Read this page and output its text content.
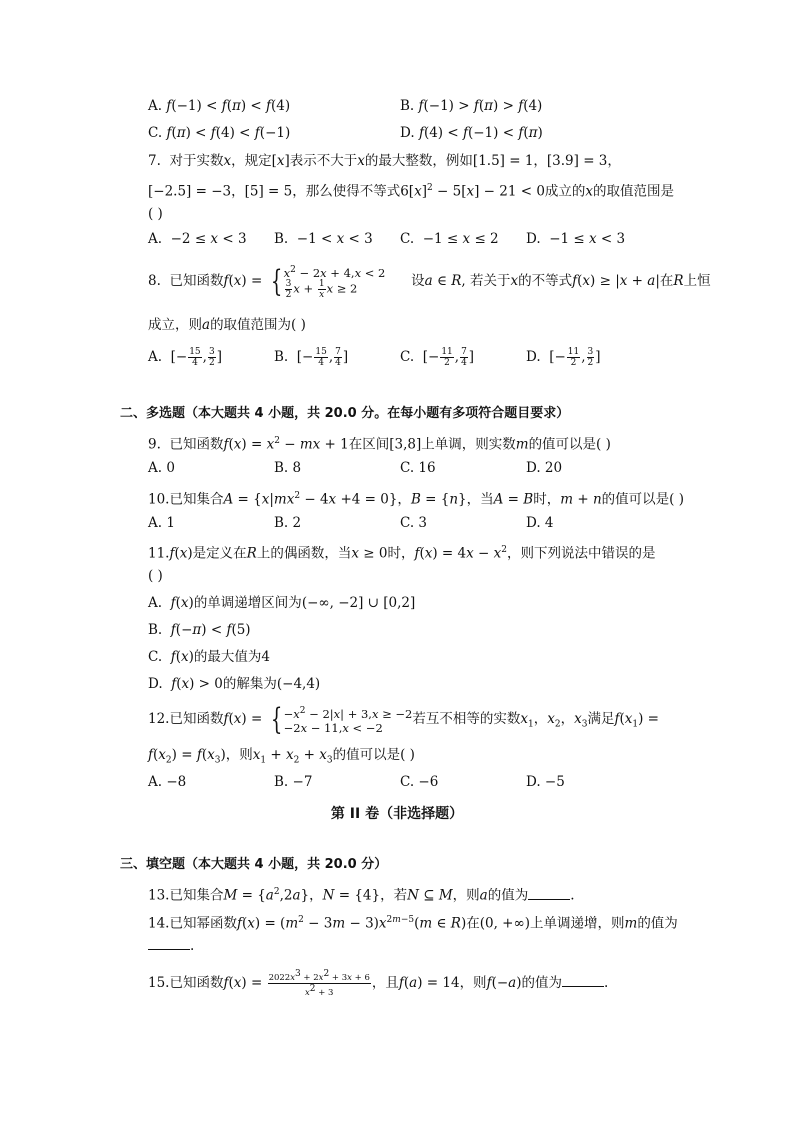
A. f(−1) < f(π) < f(4)	B. f(−1) > f(π) > f(4)
C. f(π) < f(4) < f(−1)	D. f(4) < f(−1) < f(π)
7. 对于实数x，规定[x]表示不大于x的最大整数，例如[1.5] = 1，[3.9] = 3，
[−2.5] = −3，[5] = 5，那么使得不等式$6[x]^2 - 5[x] - 21 < 0$成立的x的取值范围是
( )
A.  −2 ≤ x < 3 B.  −1 < x < 3 C.  −1 ≤ x ≤ 2 D.  −1 ≤ x < 3
8. 已知函数f(x) = { $x^2 - 2x + 4,x < 2$

$\frac{3}{2}$ $x + \frac{1}{x}$ x ≥ 2	设a ∈ R, 若关于x的不等式f(x) ≥ |x + a|在R上恒
成立，则a的取值范围为( )
A.  [− $\frac{15}{4}$ , $\frac{3}{2}$ ]	B.  [− $\frac{15}{4}$ , $\frac{7}{4}$ ]	C.  [− $\frac{11}{2}$ , $\frac{7}{4}$ ]	D.  [− $\frac{11}{2}$ , $\frac{3}{2}$ ]
二、多选题（本大题共 4 小题，共 20.0 分。在每小题有多项符合题目要求）
9. 已知函数$f(x) = x^2$ − mx + 1在区间[3,8]上单调，则实数m的值可以是( )
A. 0	B. 8	C. 16	D. 20
10.已知集合$A = \{x|mx^2 - 4x +4 = 0\}$，B = {n}，当A = B时，m + n的值可以是( )
A. 1	B. 2	C. 3	D. 4
11.f(x)是定义在R上的偶函数，当x ≥ 0时，$f(x) = 4x - x^2$，则下列说法中错误的是
( )
A.  f(x)的单调递增区间为(−∞, −2] ∪ [0,2]
B.  f(−π) < f(5)
C.  f(x)的最大值为4
D.  f(x) > 0的解集为(−4,4)
12.已知函数f(x) = { $-x^2 - 2|x| + 3,x \ge -2$
−2x − 11,x < −2若互不相等的实数$x_1$，$x_2$，$x_3$满足$f(x_1)$ =
$f(x_2) = f(x_3)$，则$x_1 + x_2 + x_3$的值可以是( )
A. −8	B. −7	C. −6	D. −5
第 II 卷（非选择题）
三、填空题（本大题共 4 小题，共 20.0 分）
13.已知集合$M = \{a^2,2a\}$，N = {4}，若N ⊆ M，则a的值为	.
14.已知幂函数$f(x) = (m^2 - 3m - 3)x^{2m-5}(m$ ∈ R)在(0, +∞)上单调递增，则m的值为
.
15.已知函数$f(x) = \frac{2022x^3 + 2x^2 + 3x + 6}{x^2 + 3}$ ，且f(a) = 14，则f(−a)的值为	.
